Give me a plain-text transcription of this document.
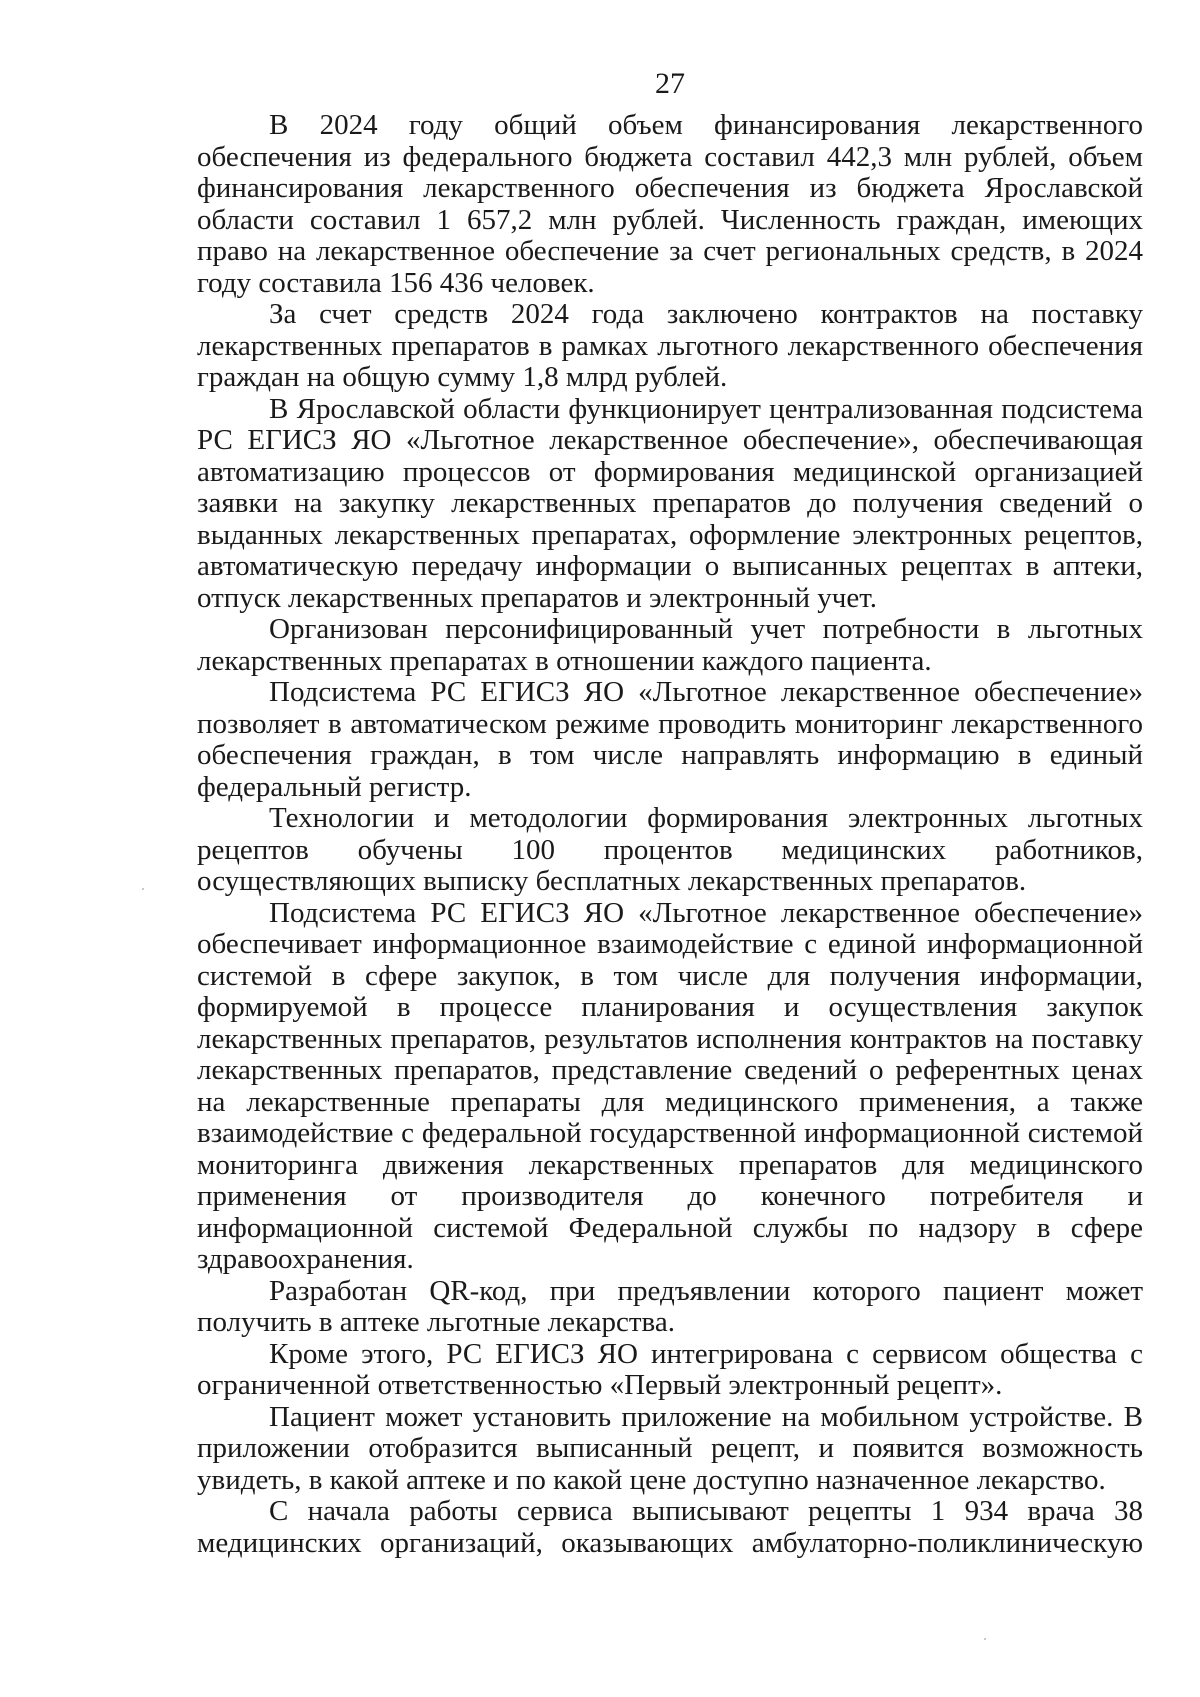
27

В 2024 году общий объем финансирования лекарственного обеспечения из федерального бюджета составил 442,3 млн рублей, объем финансирования лекарственного обеспечения из бюджета Ярославской области составил 1 657,2 млн рублей. Численность граждан, имеющих право на лекарственное обеспечение за счет региональных средств, в 2024 году составила 156 436 человек.

За счет средств 2024 года заключено контрактов на поставку лекарственных препаратов в рамках льготного лекарственного обеспечения граждан на общую сумму 1,8 млрд рублей.

В Ярославской области функционирует централизованная подсистема РС ЕГИСЗ ЯО «Льготное лекарственное обеспечение», обеспечивающая автоматизацию процессов от формирования медицинской организацией заявки на закупку лекарственных препаратов до получения сведений о выданных лекарственных препаратах, оформление электронных рецептов, автоматическую передачу информации о выписанных рецептах в аптеки, отпуск лекарственных препаратов и электронный учет.

Организован персонифицированный учет потребности в льготных лекарственных препаратах в отношении каждого пациента.

Подсистема РС ЕГИСЗ ЯО «Льготное лекарственное обеспечение» позволяет в автоматическом режиме проводить мониторинг лекарственного обеспечения граждан, в том числе направлять информацию в единый федеральный регистр.

Технологии и методологии формирования электронных льготных рецептов обучены 100 процентов медицинских работников, осуществляющих выписку бесплатных лекарственных препаратов.

Подсистема РС ЕГИСЗ ЯО «Льготное лекарственное обеспечение» обеспечивает информационное взаимодействие с единой информационной системой в сфере закупок, в том числе для получения информации, формируемой в процессе планирования и осуществления закупок лекарственных препаратов, результатов исполнения контрактов на поставку лекарственных препаратов, представление сведений о референтных ценах на лекарственные препараты для медицинского применения, а также взаимодействие с федеральной государственной информационной системой мониторинга движения лекарственных препаратов для медицинского применения от производителя до конечного потребителя и информационной системой Федеральной службы по надзору в сфере здравоохранения.

Разработан QR-код, при предъявлении которого пациент может получить в аптеке льготные лекарства.

Кроме этого, РС ЕГИСЗ ЯО интегрирована с сервисом общества с ограниченной ответственностью «Первый электронный рецепт».

Пациент может установить приложение на мобильном устройстве. В приложении отобразится выписанный рецепт, и появится возможность увидеть, в какой аптеке и по какой цене доступно назначенное лекарство.

С начала работы сервиса выписывают рецепты 1 934 врача 38 медицинских организаций, оказывающих амбулаторно-поликлиническую
